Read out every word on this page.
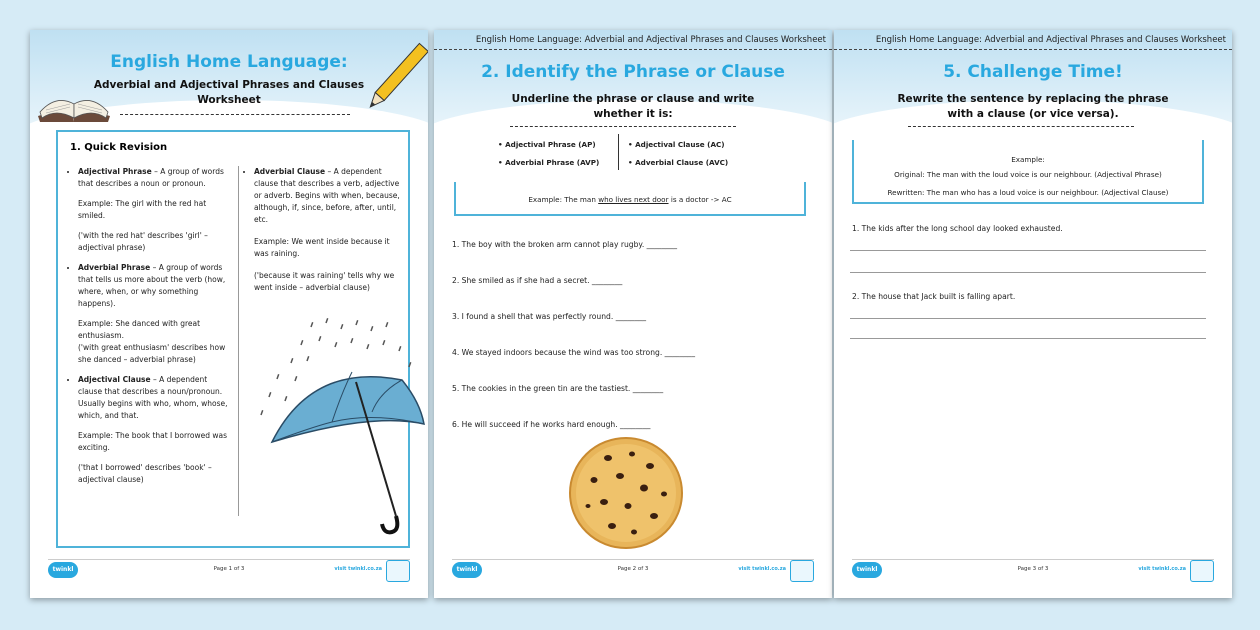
English Home Language:
Adverbial and Adjectival Phrases and Clauses
Worksheet
1. Quick Revision
• Adjectival Phrase – A group of words that describes a noun or pronoun.
Example: The girl with the red hat smiled.
('with the red hat' describes 'girl' – adjectival phrase)
• Adverbial Phrase – A group of words that tells us more about the verb (how, where, when, or why something happens).
Example: She danced with great enthusiasm.
('with great enthusiasm' describes how she danced – adverbial phrase)
• Adjectival Clause – A dependent clause that describes a noun/pronoun. Usually begins with who, whom, whose, which, and that.
Example: The book that I borrowed was exciting.
('that I borrowed' describes 'book' – adjectival clause)
• Adverbial Clause – A dependent clause that describes a verb, adjective or adverb. Begins with when, because, although, if, since, before, after, until, etc.
Example: We went inside because it was raining.
('because it was raining' tells why we went inside – adverbial clause)
twinkl	Page 1 of 3	visit twinkl.co.za
English Home Language: Adverbial and Adjectival Phrases and Clauses Worksheet
2. Identify the Phrase or Clause
Underline the phrase or clause and write
whether it is:
• Adjectival Phrase (AP)
• Adverbial Phrase (AVP)
• Adjectival Clause (AC)
• Adverbial Clause (AVC)
Example: The man who lives next door is a doctor -> AC
1. The boy with the broken arm cannot play rugby. ________
2. She smiled as if she had a secret. ________
3. I found a shell that was perfectly round. ________
4. We stayed indoors because the wind was too strong. ________
5. The cookies in the green tin are the tastiest. ________
6. He will succeed if he works hard enough. ________
twinkl	Page 2 of 3	visit twinkl.co.za
English Home Language: Adverbial and Adjectival Phrases and Clauses Worksheet
5. Challenge Time!
Rewrite the sentence by replacing the phrase
with a clause (or vice versa).
Example:
Original: The man with the loud voice is our neighbour. (Adjectival Phrase)
Rewritten: The man who has a loud voice is our neighbour. (Adjectival Clause)
1. The kids after the long school day looked exhausted.
2. The house that Jack built is falling apart.
twinkl	Page 3 of 3	visit twinkl.co.za
